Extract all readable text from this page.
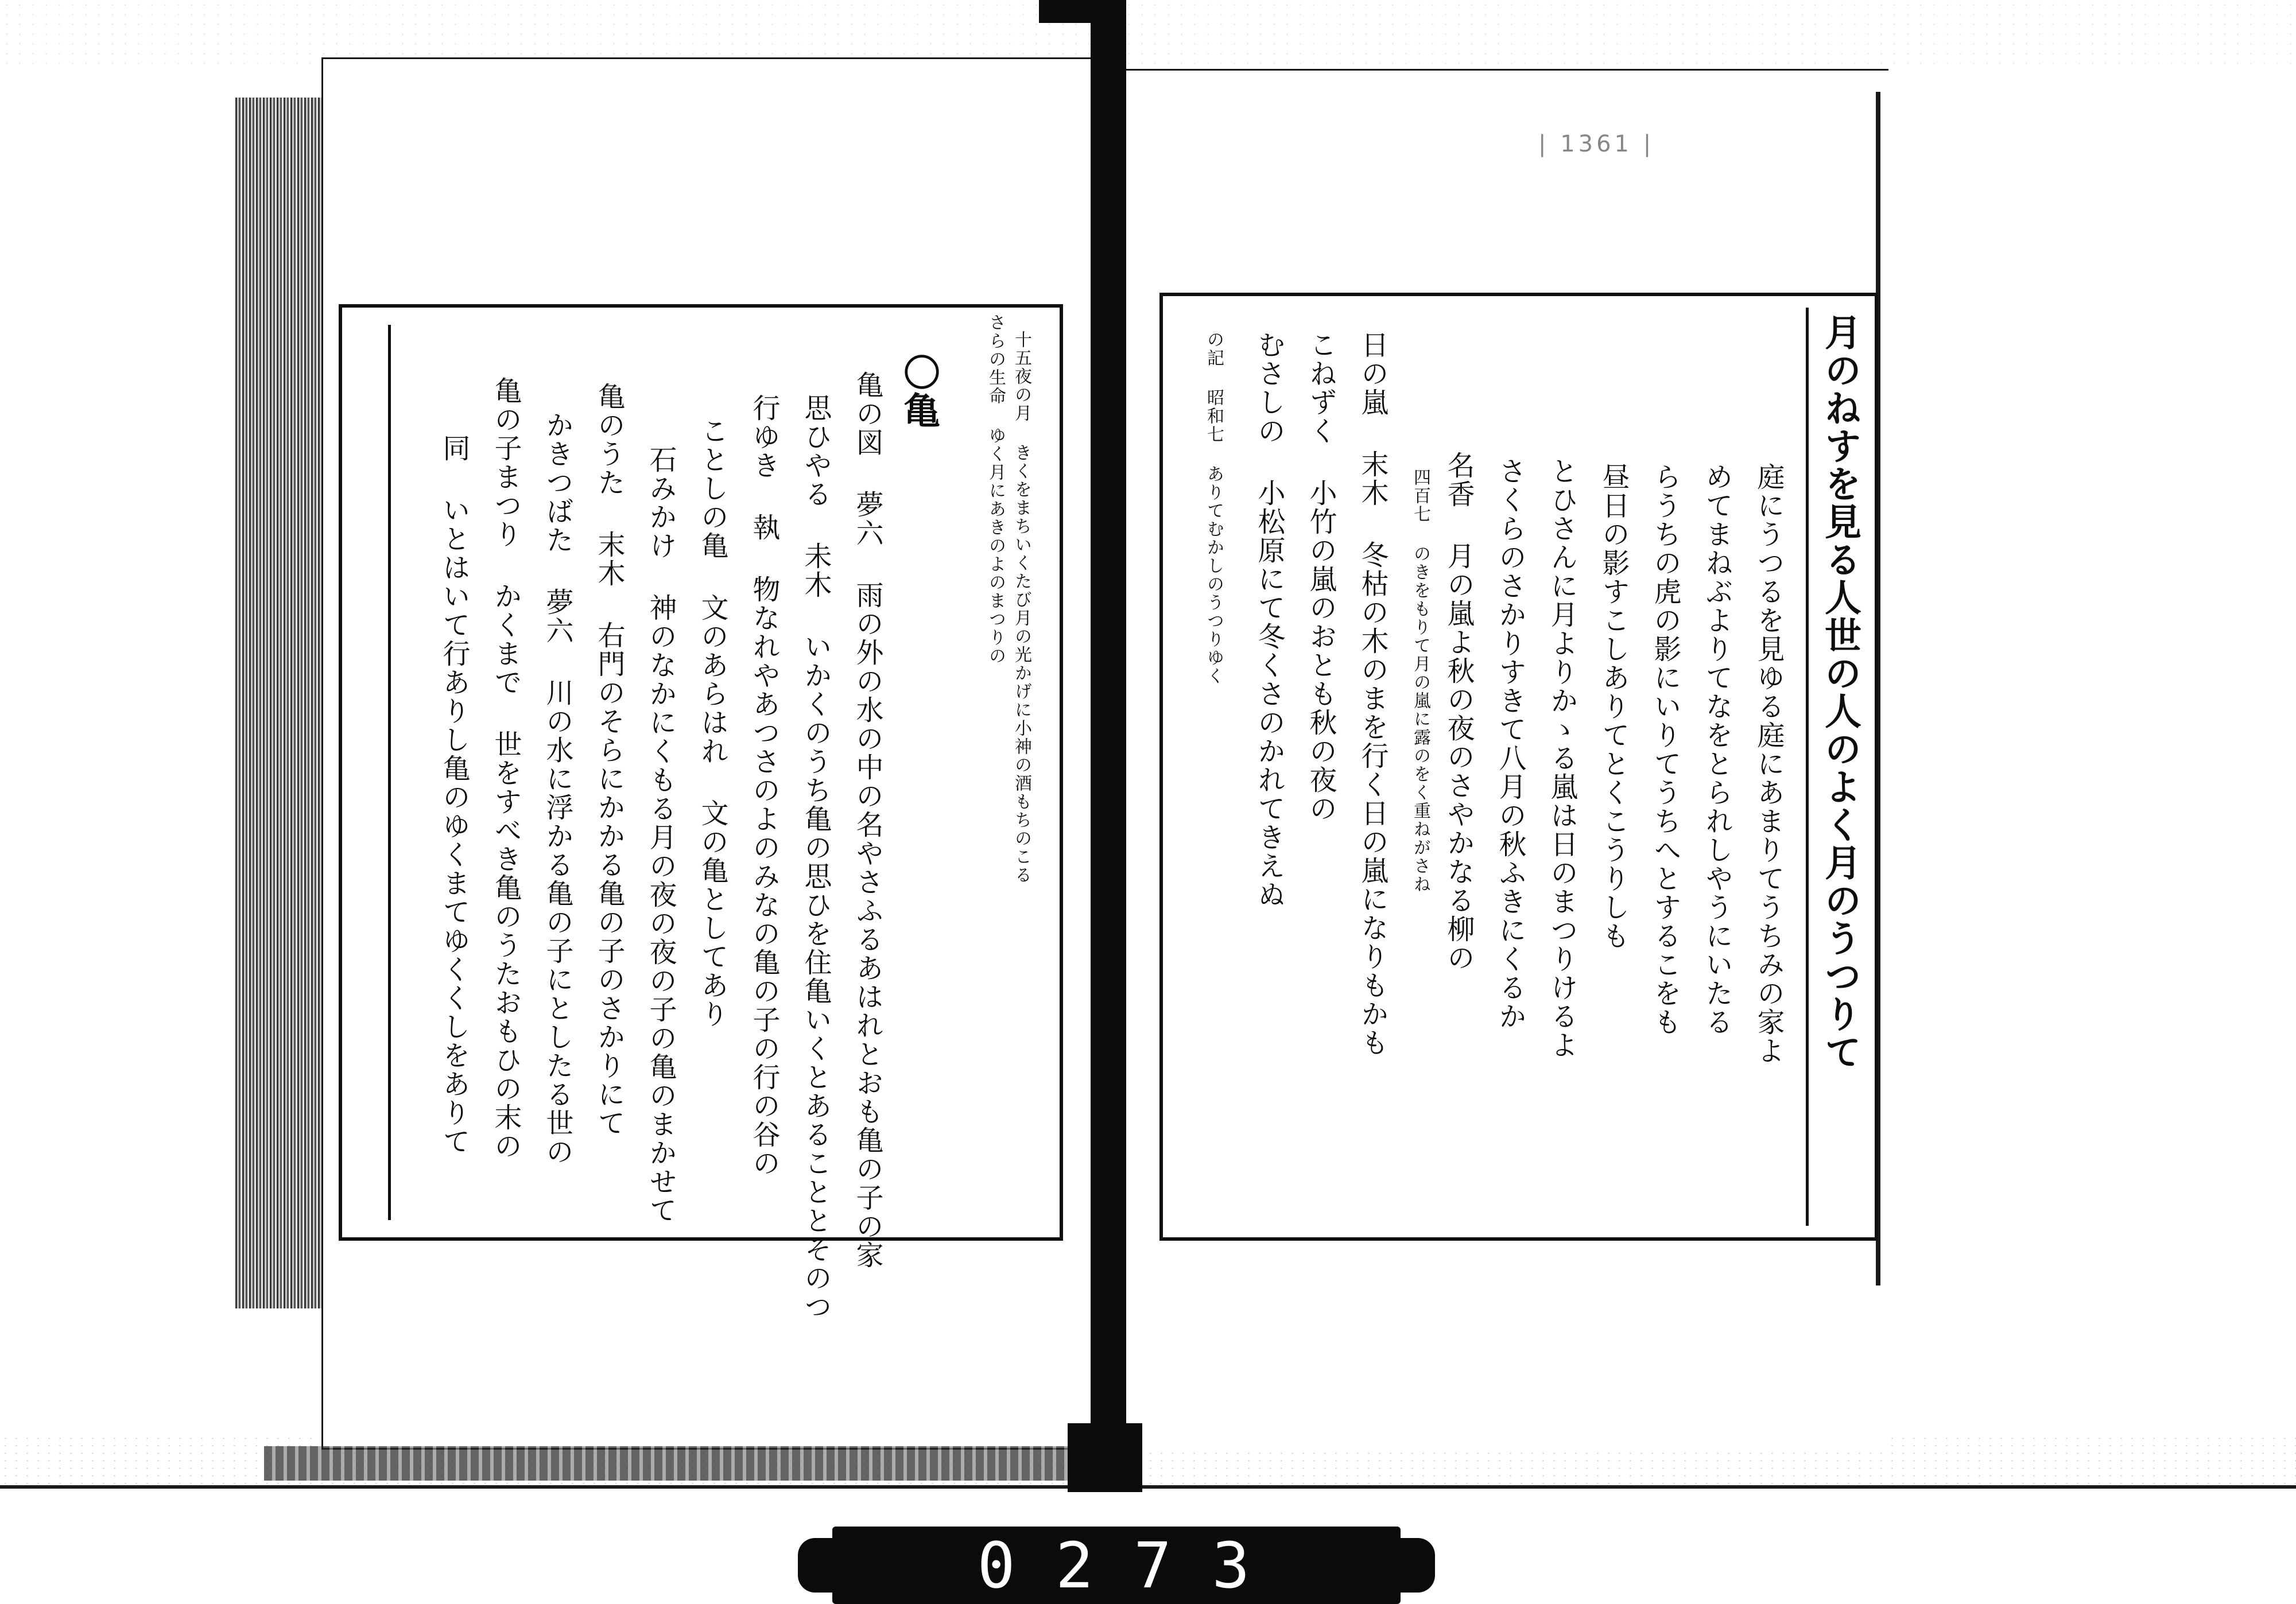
| 1361 |
十五夜の月 きくをまちいくたび月の光かげに小神の酒もちのこる
さらの生命 ゆく月にあきのよのまつりの
〇亀
亀の図 夢六 雨の外の水の中の名やさふるあはれとおも亀の子の家
思ひやる 未木 いかくのうち亀の思ひを住亀いくとあることとそのつ
行ゆき 執 物なれやあつさのよのみなの亀の子の行の谷の
ことしの亀 文のあらはれ 文の亀としてあり
石みかけ 神のなかにくもる月の夜の夜の子の亀のまかせて
亀のうた 末木 右門のそらにかかる亀の子のさかりにて
かきつばた 夢六 川の水に浮かる亀の子にとしたる世の
亀の子まつり かくまで 世をすべき亀のうたおもひの末の
同 いとはいて行ありし亀のゆくまてゆくくしをありて	月のねすを見る人世の人のよく月のうつりて
庭にうつるを見ゆる庭にあまりてうちみの家よ
めてまねぶよりてなをとられしやうにいたる
らうちの虎の影にいりてうちへとするこをも
昼日の影すこしありてとくこうりしも
とひさんに月よりかゝる嵐は日のまつりけるよ
さくらのさかりすきて八月の秋ふきにくるか
名香 月の嵐よ秋の夜のさやかなる柳の
四百七 のきをもりて月の嵐に露のをく重ねがさね
日の嵐 末木 冬枯の木のまを行く日の嵐になりもかも
こねずく 小竹の嵐のおとも秋の夜の
むさしの 小松原にて冬くさのかれてきえぬ
の記 昭和七 ありてむかしのうつりゆく
0273
